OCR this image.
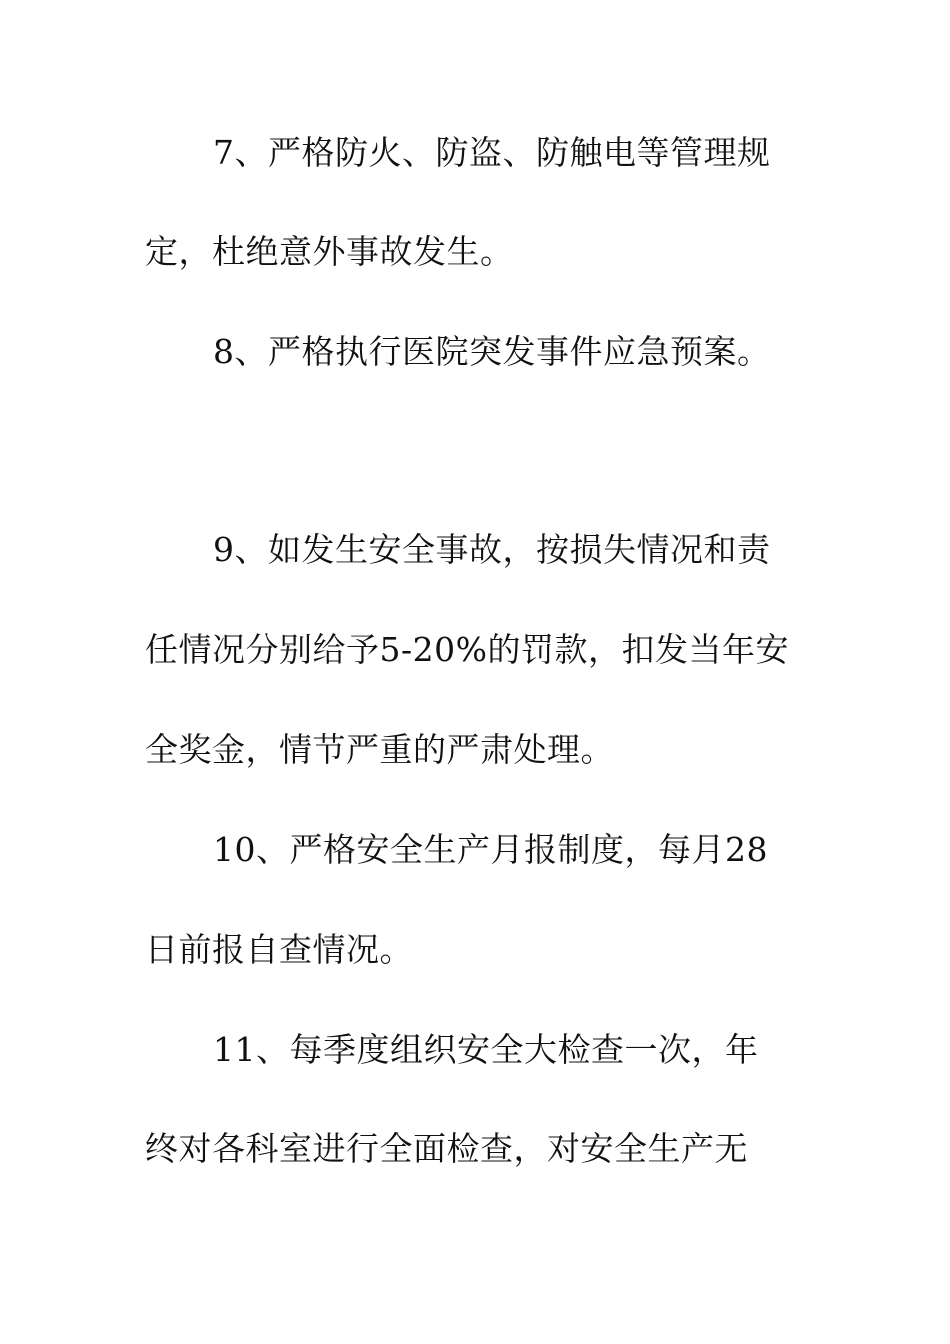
7、严格防火、防盗、防触电等管理规
定，杜绝意外事故发生。
8、严格执行医院突发事件应急预案。
9、如发生安全事故，按损失情况和责
任情况分别给予5-20%的罚款，扣发当年安
全奖金，情节严重的严肃处理。
10、严格安全生产月报制度，每月28
日前报自查情况。
11、每季度组织安全大检查一次，年
终对各科室进行全面检查，对安全生产无
